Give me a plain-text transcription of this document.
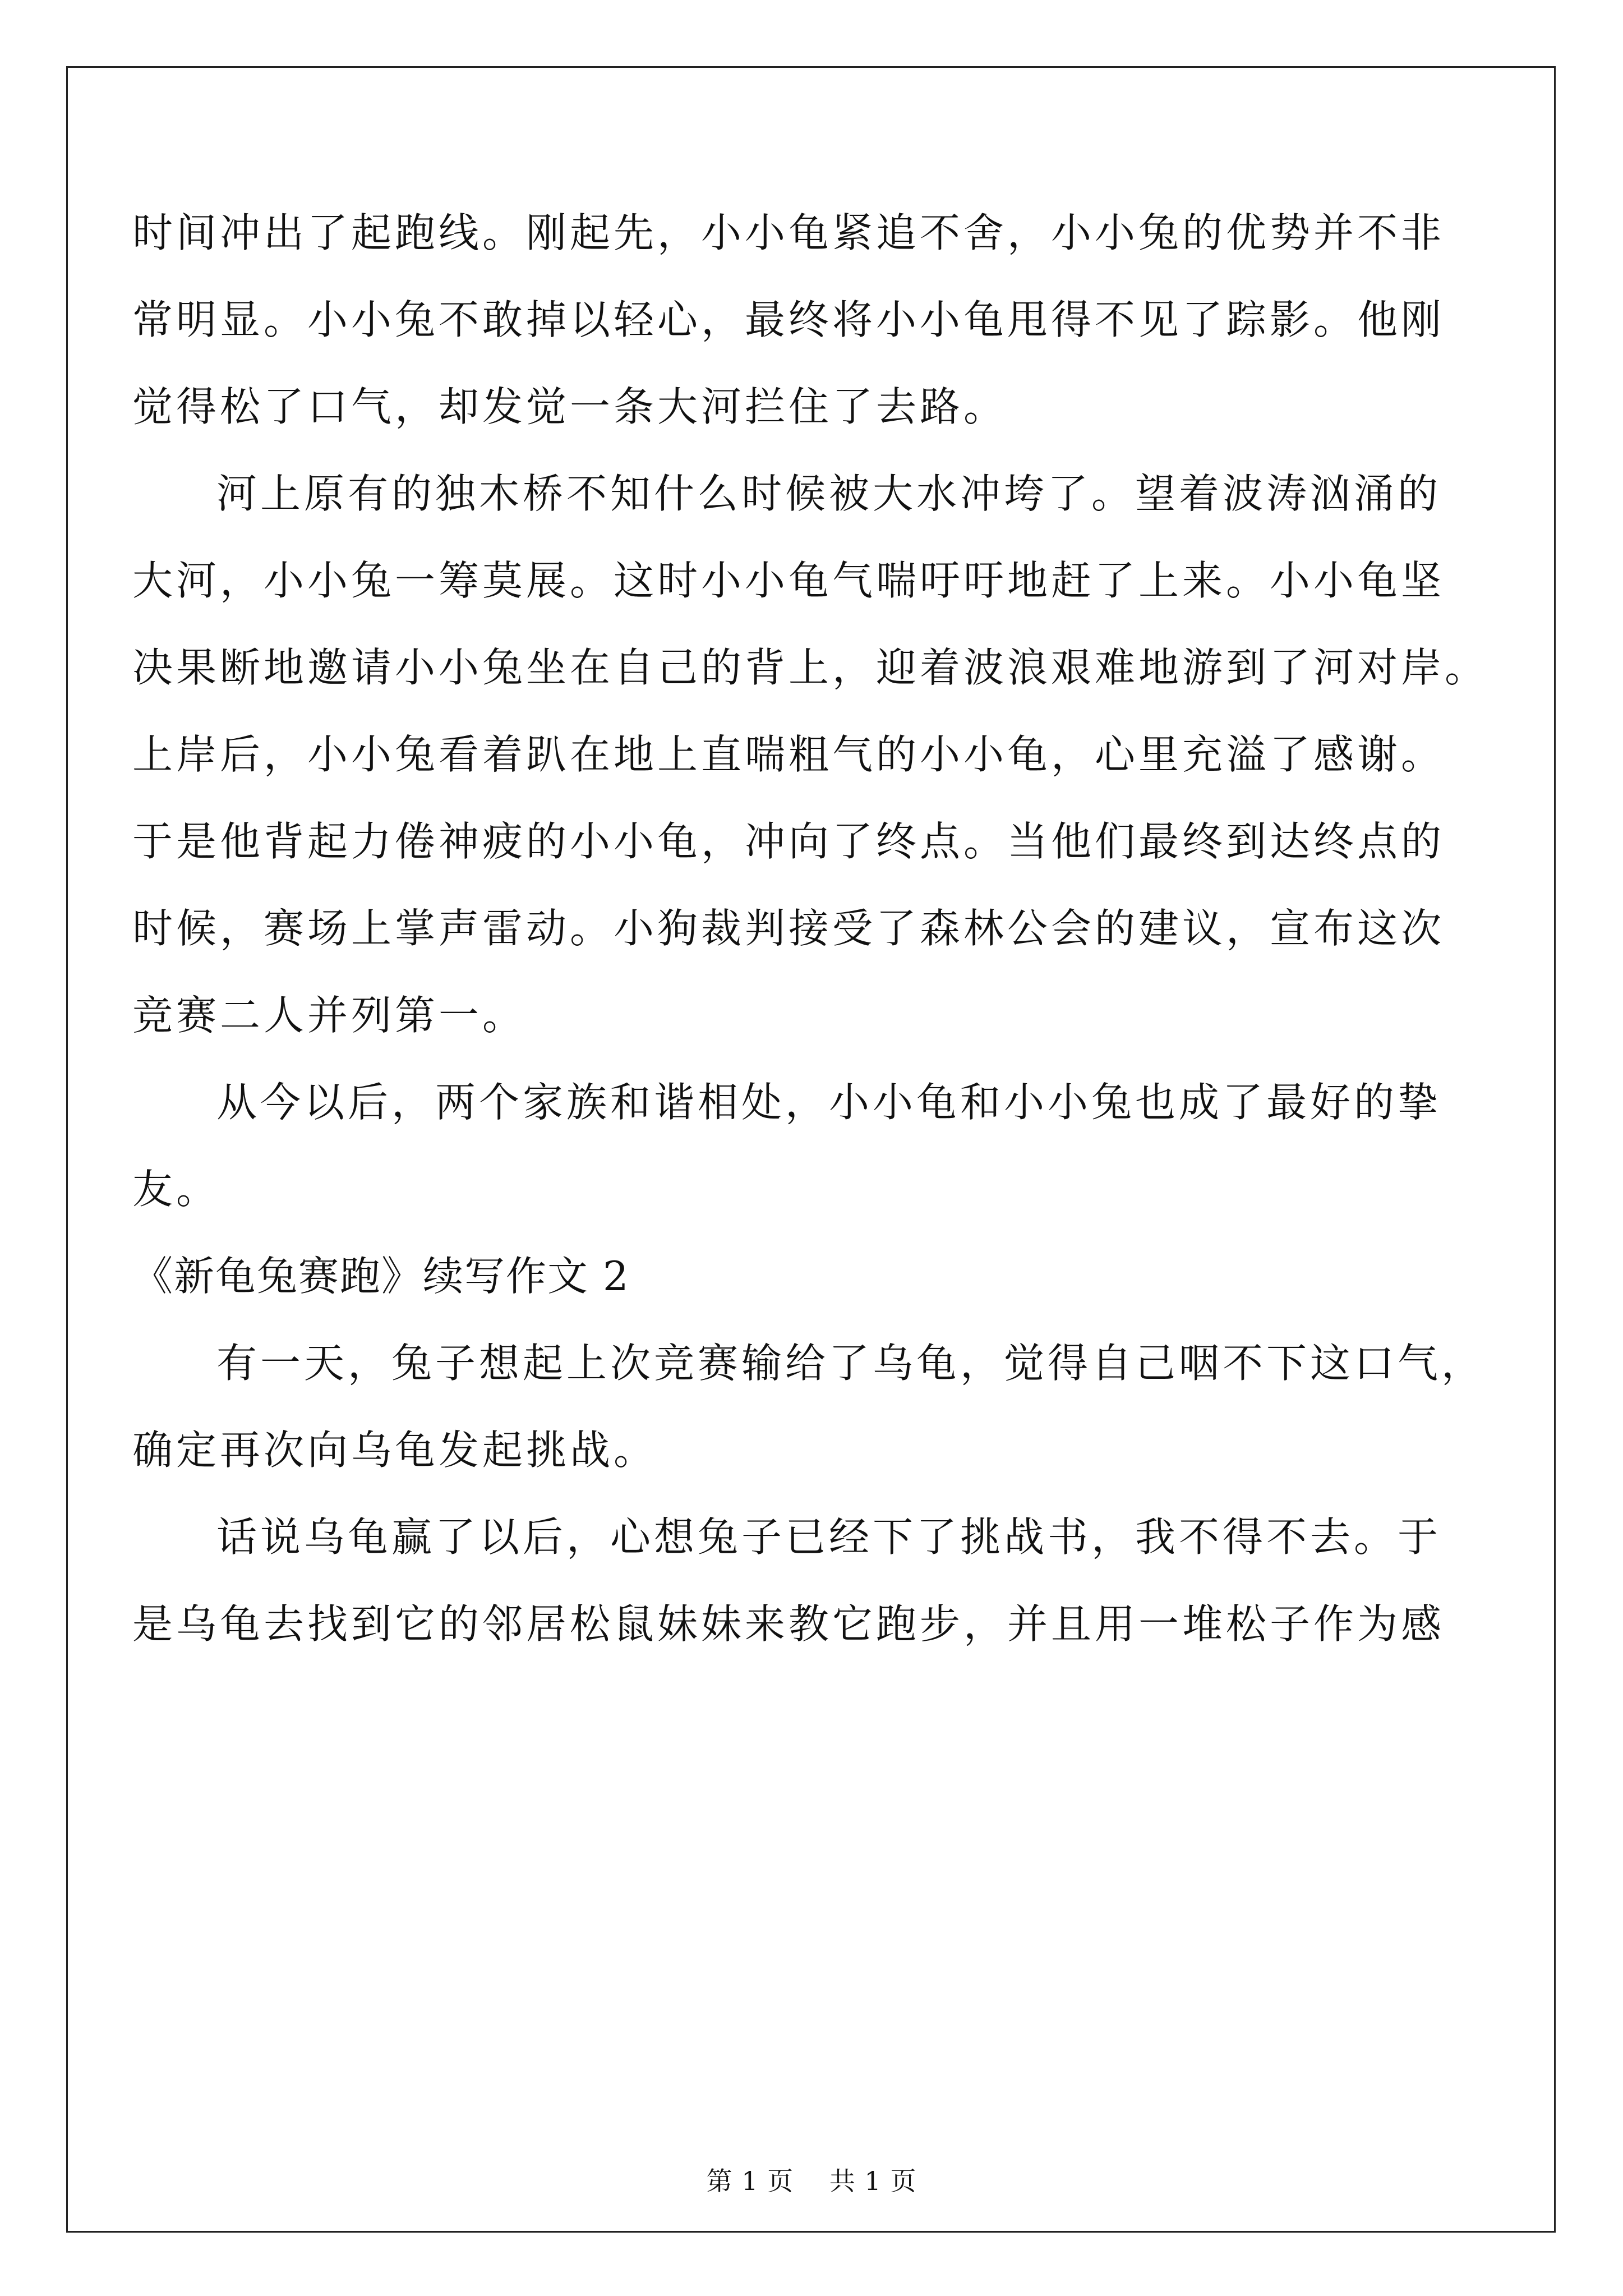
时间冲出了起跑线。刚起先，小小龟紧追不舍，小小兔的优势并不非
常明显。小小兔不敢掉以轻心，最终将小小龟甩得不见了踪影。他刚
觉得松了口气，却发觉一条大河拦住了去路。
河上原有的独木桥不知什么时候被大水冲垮了。望着波涛汹涌的
大河，小小兔一筹莫展。这时小小龟气喘吁吁地赶了上来。小小龟坚
决果断地邀请小小兔坐在自己的背上，迎着波浪艰难地游到了河对岸。
上岸后，小小兔看着趴在地上直喘粗气的小小龟，心里充溢了感谢。
于是他背起力倦神疲的小小龟，冲向了终点。当他们最终到达终点的
时候，赛场上掌声雷动。小狗裁判接受了森林公会的建议，宣布这次
竞赛二人并列第一。
从今以后，两个家族和谐相处，小小龟和小小兔也成了最好的挚
友。
《新龟兔赛跑》续写作文 2
有一天，兔子想起上次竞赛输给了乌龟，觉得自己咽不下这口气，
确定再次向乌龟发起挑战。
话说乌龟赢了以后，心想兔子已经下了挑战书，我不得不去。于
是乌龟去找到它的邻居松鼠妹妹来教它跑步，并且用一堆松子作为感
第 1 页 共 1 页
